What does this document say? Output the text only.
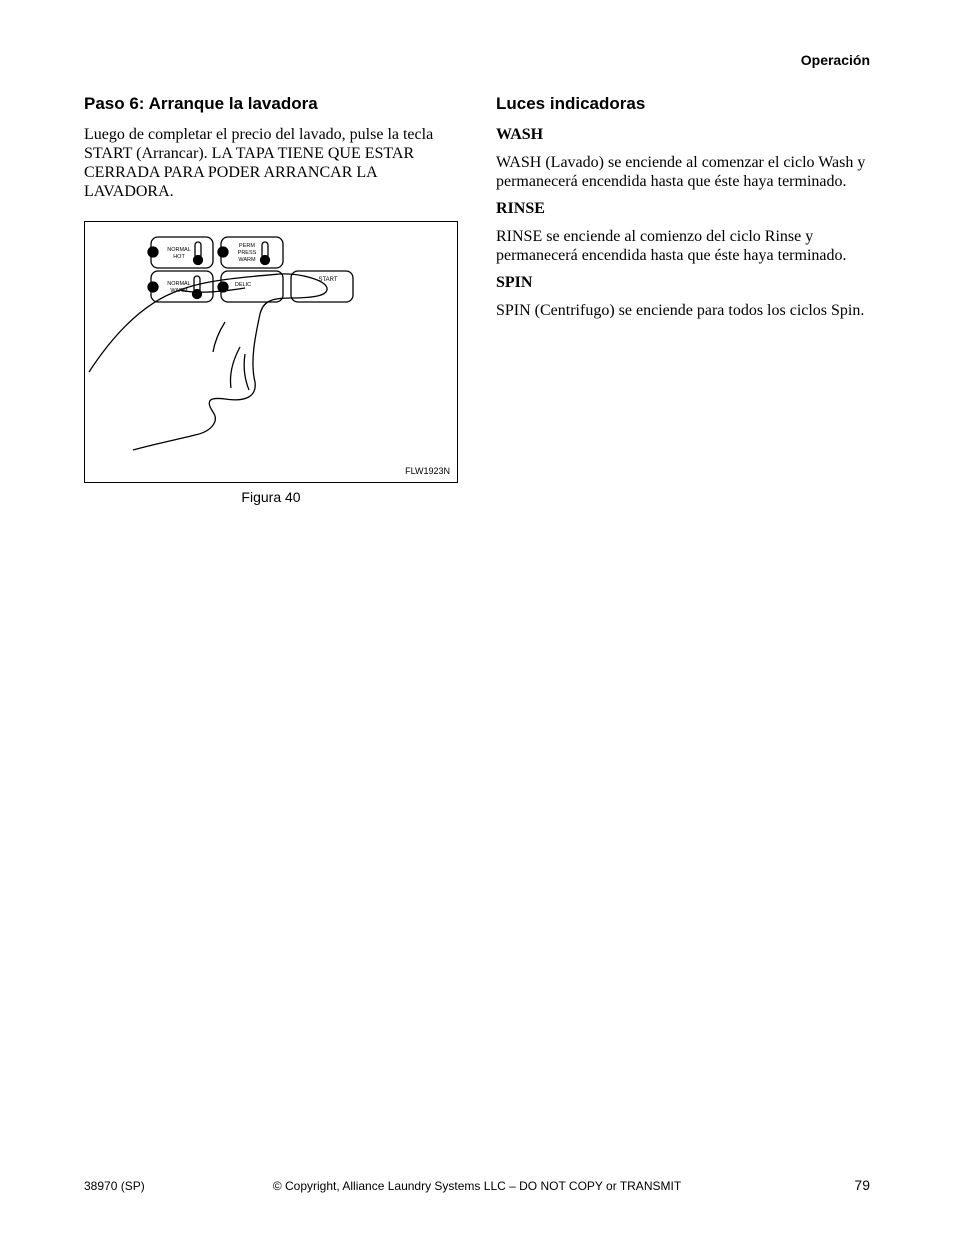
Operación
Paso 6: Arranque la lavadora

Luego de completar el precio del lavado, pulse la tecla START (Arrancar). LA TAPA TIENE QUE ESTAR CERRADA PARA PODER ARRANCAR LA LAVADORA.

NORMAL
HOT
PERM
PRESS
WARM
NORMAL
WARM
DELIC
START
FLW1923N
Figura 40
Luces indicadoras
WASH

WASH (Lavado) se enciende al comenzar el ciclo Wash y permanecerá encendida hasta que éste haya terminado.

RINSE

RINSE se enciende al comienzo del ciclo Rinse y permanecerá encendida hasta que éste haya terminado.

SPIN

SPIN (Centrifugo) se enciende para todos los ciclos Spin.

38970 (SP)	© Copyright, Alliance Laundry Systems LLC – DO NOT COPY or TRANSMIT	79
